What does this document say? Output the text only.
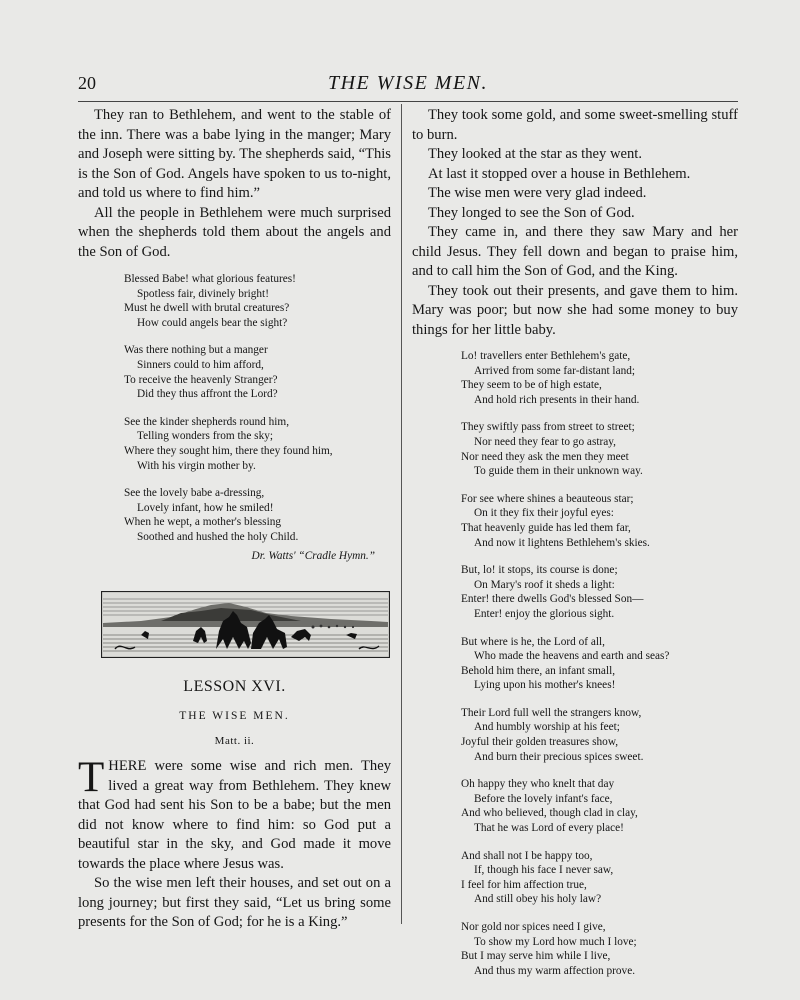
20	THE WISE MEN.

They ran to Bethlehem, and went to the stable of the inn. There was a babe lying in the manger; Mary and Joseph were sitting by. The shepherds said, “This is the Son of God. Angels have spoken to us to-night, and told us where to find him.”

All the people in Bethlehem were much surprised when the shepherds told them about the angels and the Son of God.

Blessed Babe! what glorious features!
Spotless fair, divinely bright!
Must he dwell with brutal creatures?
How could angels bear the sight?
Was there nothing but a manger
Sinners could to him afford,
To receive the heavenly Stranger?
Did they thus affront the Lord?
See the kinder shepherds round him,
Telling wonders from the sky;
Where they sought him, there they found him,
With his virgin mother by.
See the lovely babe a-dressing,
Lovely infant, how he smiled!
When he wept, a mother's blessing
Soothed and hushed the holy Child.
Dr. Watts' “Cradle Hymn.”
LESSON XVI.
THE WISE MEN.
Matt. ii.

THERE were some wise and rich men. They lived a great way from Bethlehem. They knew that God had sent his Son to be a babe; but the men did not know where to find him: so God put a beautiful star in the sky, and God made it move towards the place where Jesus was.

So the wise men left their houses, and set out on a long journey; but first they said, “Let us bring some presents for the Son of God; for he is a King.”

They took some gold, and some sweet-smelling stuff to burn.

They looked at the star as they went.

At last it stopped over a house in Bethlehem.

The wise men were very glad indeed.

They longed to see the Son of God.

They came in, and there they saw Mary and her child Jesus. They fell down and began to praise him, and to call him the Son of God, and the King.

They took out their presents, and gave them to him. Mary was poor; but now she had some money to buy things for her little baby.

Lo! travellers enter Bethlehem's gate,
Arrived from some far-distant land;
They seem to be of high estate,
And hold rich presents in their hand.
They swiftly pass from street to street;
Nor need they fear to go astray,
Nor need they ask the men they meet
To guide them in their unknown way.
For see where shines a beauteous star;
On it they fix their joyful eyes:
That heavenly guide has led them far,
And now it lightens Bethlehem's skies.
But, lo! it stops, its course is done;
On Mary's roof it sheds a light:
Enter! there dwells God's blessed Son—
Enter! enjoy the glorious sight.
But where is he, the Lord of all,
Who made the heavens and earth and seas?
Behold him there, an infant small,
Lying upon his mother's knees!
Their Lord full well the strangers know,
And humbly worship at his feet;
Joyful their golden treasures show,
And burn their precious spices sweet.
Oh happy they who knelt that day
Before the lovely infant's face,
And who believed, though clad in clay,
That he was Lord of every place!
And shall not I be happy too,
If, though his face I never saw,
I feel for him affection true,
And still obey his holy law?
Nor gold nor spices need I give,
To show my Lord how much I love;
But I may serve him while I live,
And thus my warm affection prove.
